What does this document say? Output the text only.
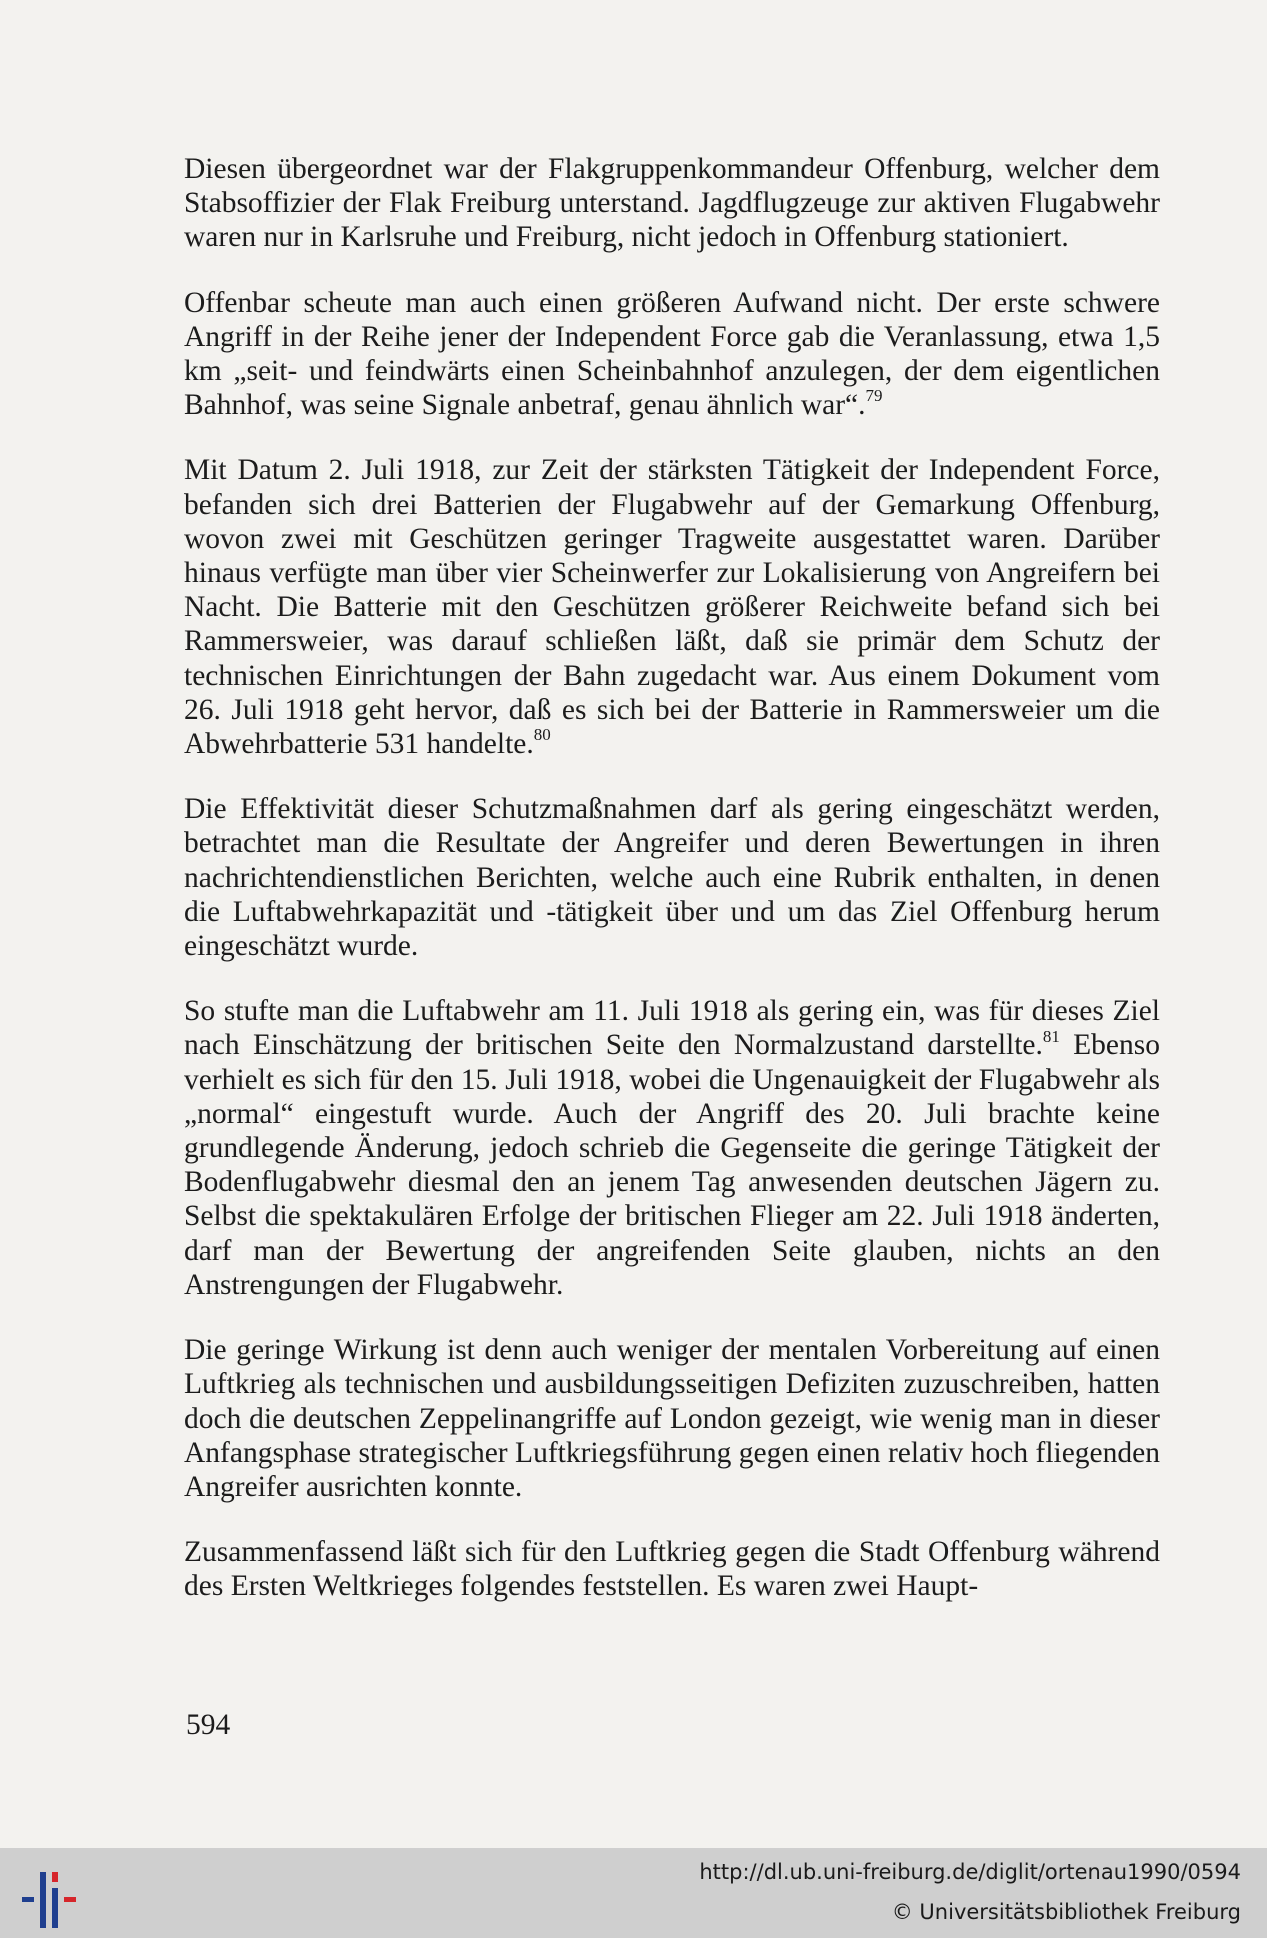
Diesen übergeordnet war der Flakgruppenkommandeur Offenburg, welcher dem Stabsoffizier der Flak Freiburg unterstand. Jagdflugzeuge zur aktiven Flugabwehr waren nur in Karlsruhe und Freiburg, nicht jedoch in Offenburg stationiert.

Offenbar scheute man auch einen größeren Aufwand nicht. Der erste schwere Angriff in der Reihe jener der Independent Force gab die Veranlassung, etwa 1,5 km „seit- und feindwärts einen Scheinbahnhof anzulegen, der dem eigentlichen Bahnhof, was seine Signale anbetraf, genau ähnlich war“.$^{79}$

Mit Datum 2. Juli 1918, zur Zeit der stärksten Tätigkeit der Independent Force, befanden sich drei Batterien der Flugabwehr auf der Gemarkung Offenburg, wovon zwei mit Geschützen geringer Tragweite ausgestattet waren. Darüber hinaus verfügte man über vier Scheinwerfer zur Lokalisierung von Angreifern bei Nacht. Die Batterie mit den Geschützen größerer Reichweite befand sich bei Rammersweier, was darauf schließen läßt, daß sie primär dem Schutz der technischen Einrichtungen der Bahn zugedacht war. Aus einem Dokument vom 26. Juli 1918 geht hervor, daß es sich bei der Batterie in Rammersweier um die Abwehrbatterie 531 handelte.$^{80}$

Die Effektivität dieser Schutzmaßnahmen darf als gering eingeschätzt werden, betrachtet man die Resultate der Angreifer und deren Bewertungen in ihren nachrichtendienstlichen Berichten, welche auch eine Rubrik enthalten, in denen die Luftabwehrkapazität und -tätigkeit über und um das Ziel Offenburg herum eingeschätzt wurde.

So stufte man die Luftabwehr am 11. Juli 1918 als gering ein, was für dieses Ziel nach Einschätzung der britischen Seite den Normalzustand darstellte.$^{81}$ Ebenso verhielt es sich für den 15. Juli 1918, wobei die Ungenauigkeit der Flugabwehr als „normal“ eingestuft wurde. Auch der Angriff des 20. Juli brachte keine grundlegende Änderung, jedoch schrieb die Gegenseite die geringe Tätigkeit der Bodenflugabwehr diesmal den an jenem Tag anwesenden deutschen Jägern zu. Selbst die spektakulären Erfolge der britischen Flieger am 22. Juli 1918 änderten, darf man der Bewertung der angreifenden Seite glauben, nichts an den Anstrengungen der Flugabwehr.

Die geringe Wirkung ist denn auch weniger der mentalen Vorbereitung auf einen Luftkrieg als technischen und ausbildungsseitigen Defiziten zuzuschreiben, hatten doch die deutschen Zeppelinangriffe auf London gezeigt, wie wenig man in dieser Anfangsphase strategischer Luftkriegsführung gegen einen relativ hoch fliegenden Angreifer ausrichten konnte.

Zusammenfassend läßt sich für den Luftkrieg gegen die Stadt Offenburg während des Ersten Weltkrieges folgendes feststellen. Es waren zwei Haupt-

594
http://dl.ub.uni-freiburg.de/diglit/ortenau1990/0594
© Universitätsbibliothek Freiburg
